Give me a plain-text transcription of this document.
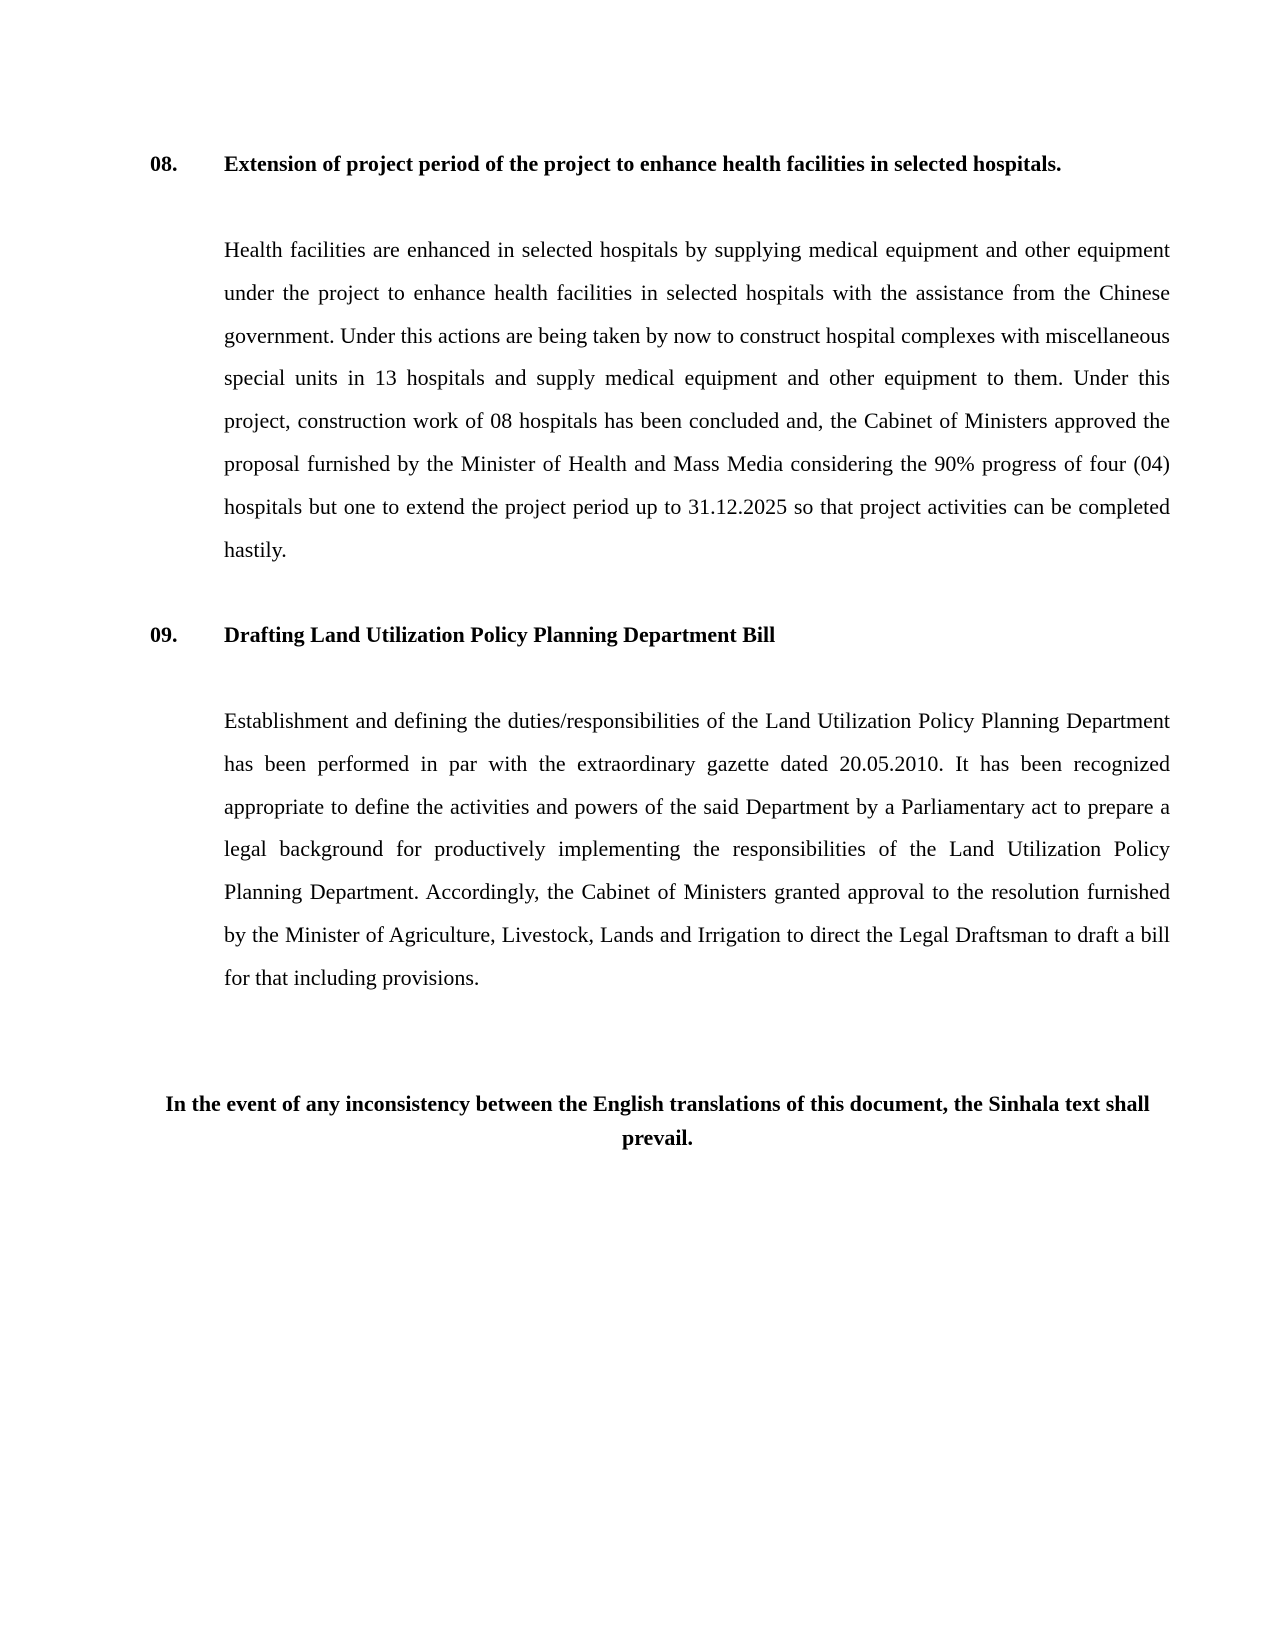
08. Extension of project period of the project to enhance health facilities in selected hospitals.

Health facilities are enhanced in selected hospitals by supplying medical equipment and other equipment under the project to enhance health facilities in selected hospitals with the assistance from the Chinese government. Under this actions are being taken by now to construct hospital complexes with miscellaneous special units in 13 hospitals and supply medical equipment and other equipment to them. Under this project, construction work of 08 hospitals has been concluded and, the Cabinet of Ministers approved the proposal furnished by the Minister of Health and Mass Media considering the 90% progress of four (04) hospitals but one to extend the project period up to 31.12.2025 so that project activities can be completed hastily.

09. Drafting Land Utilization Policy Planning Department Bill

Establishment and defining the duties/responsibilities of the Land Utilization Policy Planning Department has been performed in par with the extraordinary gazette dated 20.05.2010. It has been recognized appropriate to define the activities and powers of the said Department by a Parliamentary act to prepare a legal background for productively implementing the responsibilities of the Land Utilization Policy Planning Department. Accordingly, the Cabinet of Ministers granted approval to the resolution furnished by the Minister of Agriculture, Livestock, Lands and Irrigation to direct the Legal Draftsman to draft a bill for that including provisions.

In the event of any inconsistency between the English translations of this document, the Sinhala text shall prevail.
